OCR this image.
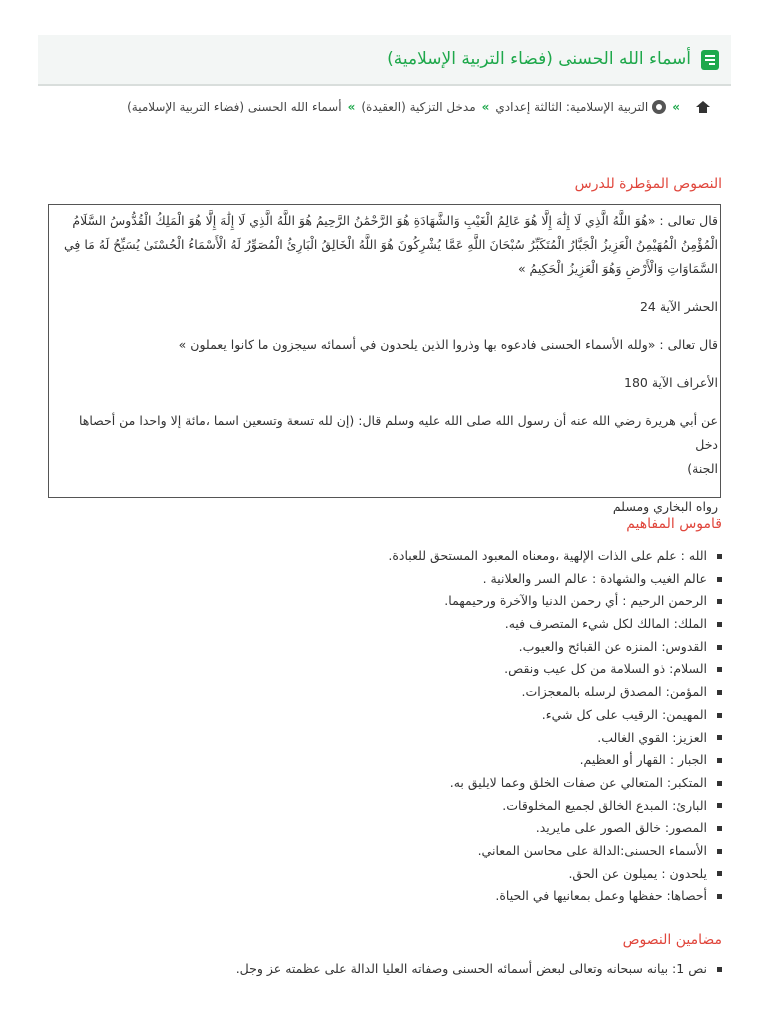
أسماء الله الحسنى (فضاء التربية الإسلامية)
»
التربية الإسلامية: الثالثة إعدادي
»
مدخل التزكية (العقيدة)
»
أسماء الله الحسنى (فضاء التربية الإسلامية)
النصوص المؤطرة للدرس

قال تعالى : «هُوَ اللَّهُ الَّذِي لَا إِلَٰهَ إِلَّا هُوَ عَالِمُ الْغَيْبِ وَالشَّهَادَةِ هُوَ الرَّحْمَٰنُ الرَّحِيمُ هُوَ اللَّهُ الَّذِي لَا إِلَٰهَ إِلَّا هُوَ الْمَلِكُ الْقُدُّوسُ السَّلَامُ

الْمُؤْمِنُ الْمُهَيْمِنُ الْعَزِيزُ الْجَبَّارُ الْمُتَكَبِّرُ سُبْحَانَ اللَّهِ عَمَّا يُشْرِكُونَ هُوَ اللَّهُ الْخَالِقُ الْبَارِئُ الْمُصَوِّرُ لَهُ الْأَسْمَاءُ الْحُسْنَىٰ يُسَبِّحُ لَهُ مَا فِي

السَّمَاوَاتِ وَالْأَرْضِ وَهُوَ الْعَزِيزُ الْحَكِيمُ »

الحشر الآية 24

قال تعالى : «ولله الأسماء الحسنى فادعوه بها وذروا الذين يلحدون في أسمائه سيجزون ما كانوا يعملون »

الأعراف الآية 180

عن أبي هريرة رضي الله عنه أن رسول الله صلى الله عليه وسلم قال: (إن لله تسعة وتسعين اسما ،مائة إلا واحدا من أحصاها دخل

الجنة)

رواه البخاري ومسلم

قاموس المفاهيم
الله : علم على الذات الإلهية ،ومعناه المعبود المستحق للعبادة.
عالم الغيب والشهادة : عالم السر والعلانية .
الرحمن الرحيم : أي رحمن الدنيا والآخرة ورحيمهما.
الملك: المالك لكل شيء المتصرف فيه.
القدوس: المنزه عن القبائح والعيوب.
السلام: ذو السلامة من كل عيب ونقص.
المؤمن: المصدق لرسله بالمعجزات.
المهيمن: الرقيب على كل شيء.
العزيز: القوي الغالب.
الجبار : القهار أو العظيم.
المتكبر: المتعالي عن صفات الخلق وعما لايليق به.
البارئ: المبدع الخالق لجميع المخلوقات.
المصور: خالق الصور على مايريد.
الأسماء الحسنى:الدالة على محاسن المعاني.
يلحدون : يميلون عن الحق.
أحصاها: حفظها وعمل بمعانيها في الحياة.
مضامين النصوص
نص 1: بيانه سبحانه وتعالى لبعض أسمائه الحسنى وصفاته العليا الدالة على عظمته عز وجل.
